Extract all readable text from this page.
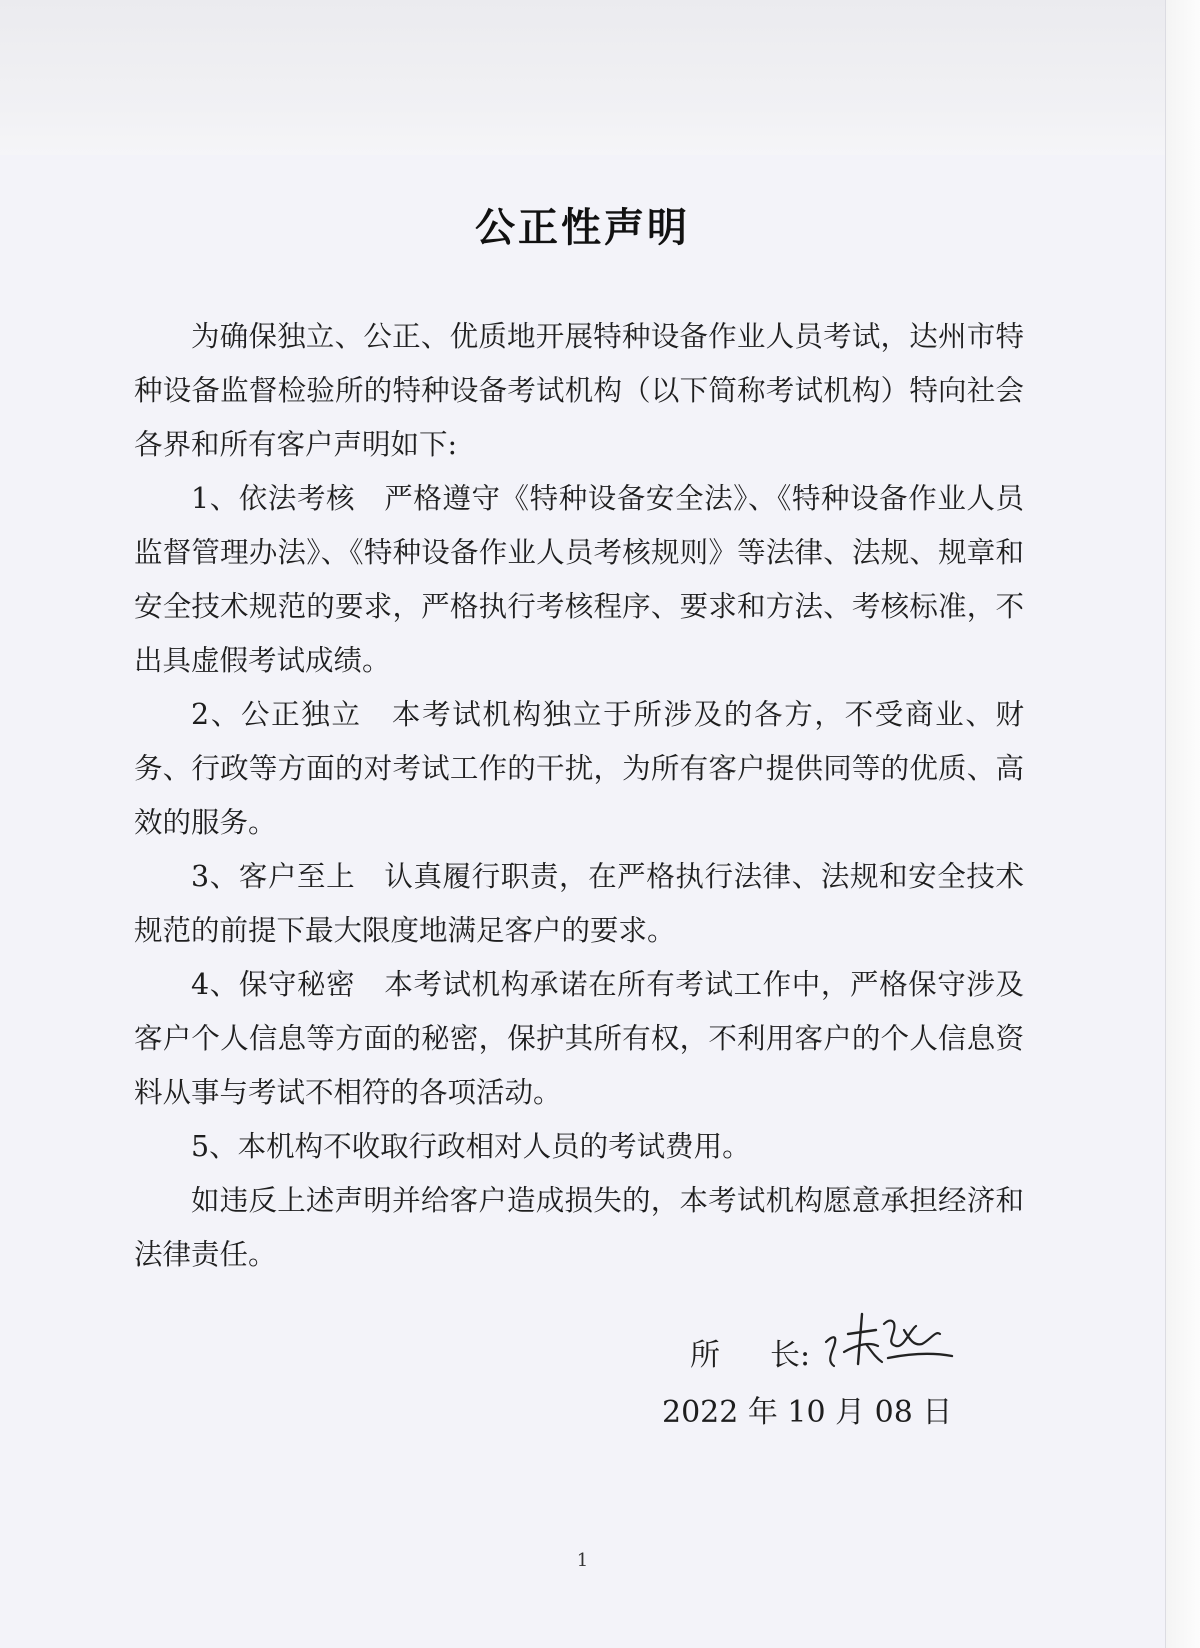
公正性声明

为确保独立、公正、优质地开展特种设备作业人员考试，达州市特种设备监督检验所的特种设备考试机构（以下简称考试机构）特向社会各界和所有客户声明如下:

1、依法考核　严格遵守《特种设备安全法》、《特种设备作业人员监督管理办法》、《特种设备作业人员考核规则》等法律、法规、规章和安全技术规范的要求，严格执行考核程序、要求和方法、考核标准，不出具虚假考试成绩。

2、公正独立　本考试机构独立于所涉及的各方，不受商业、财务、行政等方面的对考试工作的干扰，为所有客户提供同等的优质、高效的服务。

3、客户至上　认真履行职责，在严格执行法律、法规和安全技术规范的前提下最大限度地满足客户的要求。

4、保守秘密　本考试机构承诺在所有考试工作中，严格保守涉及客户个人信息等方面的秘密，保护其所有权，不利用客户的个人信息资料从事与考试不相符的各项活动。

5、本机构不收取行政相对人员的考试费用。

如违反上述声明并给客户造成损失的，本考试机构愿意承担经济和法律责任。

所 长:
2022 年 10 月 08 日
1
